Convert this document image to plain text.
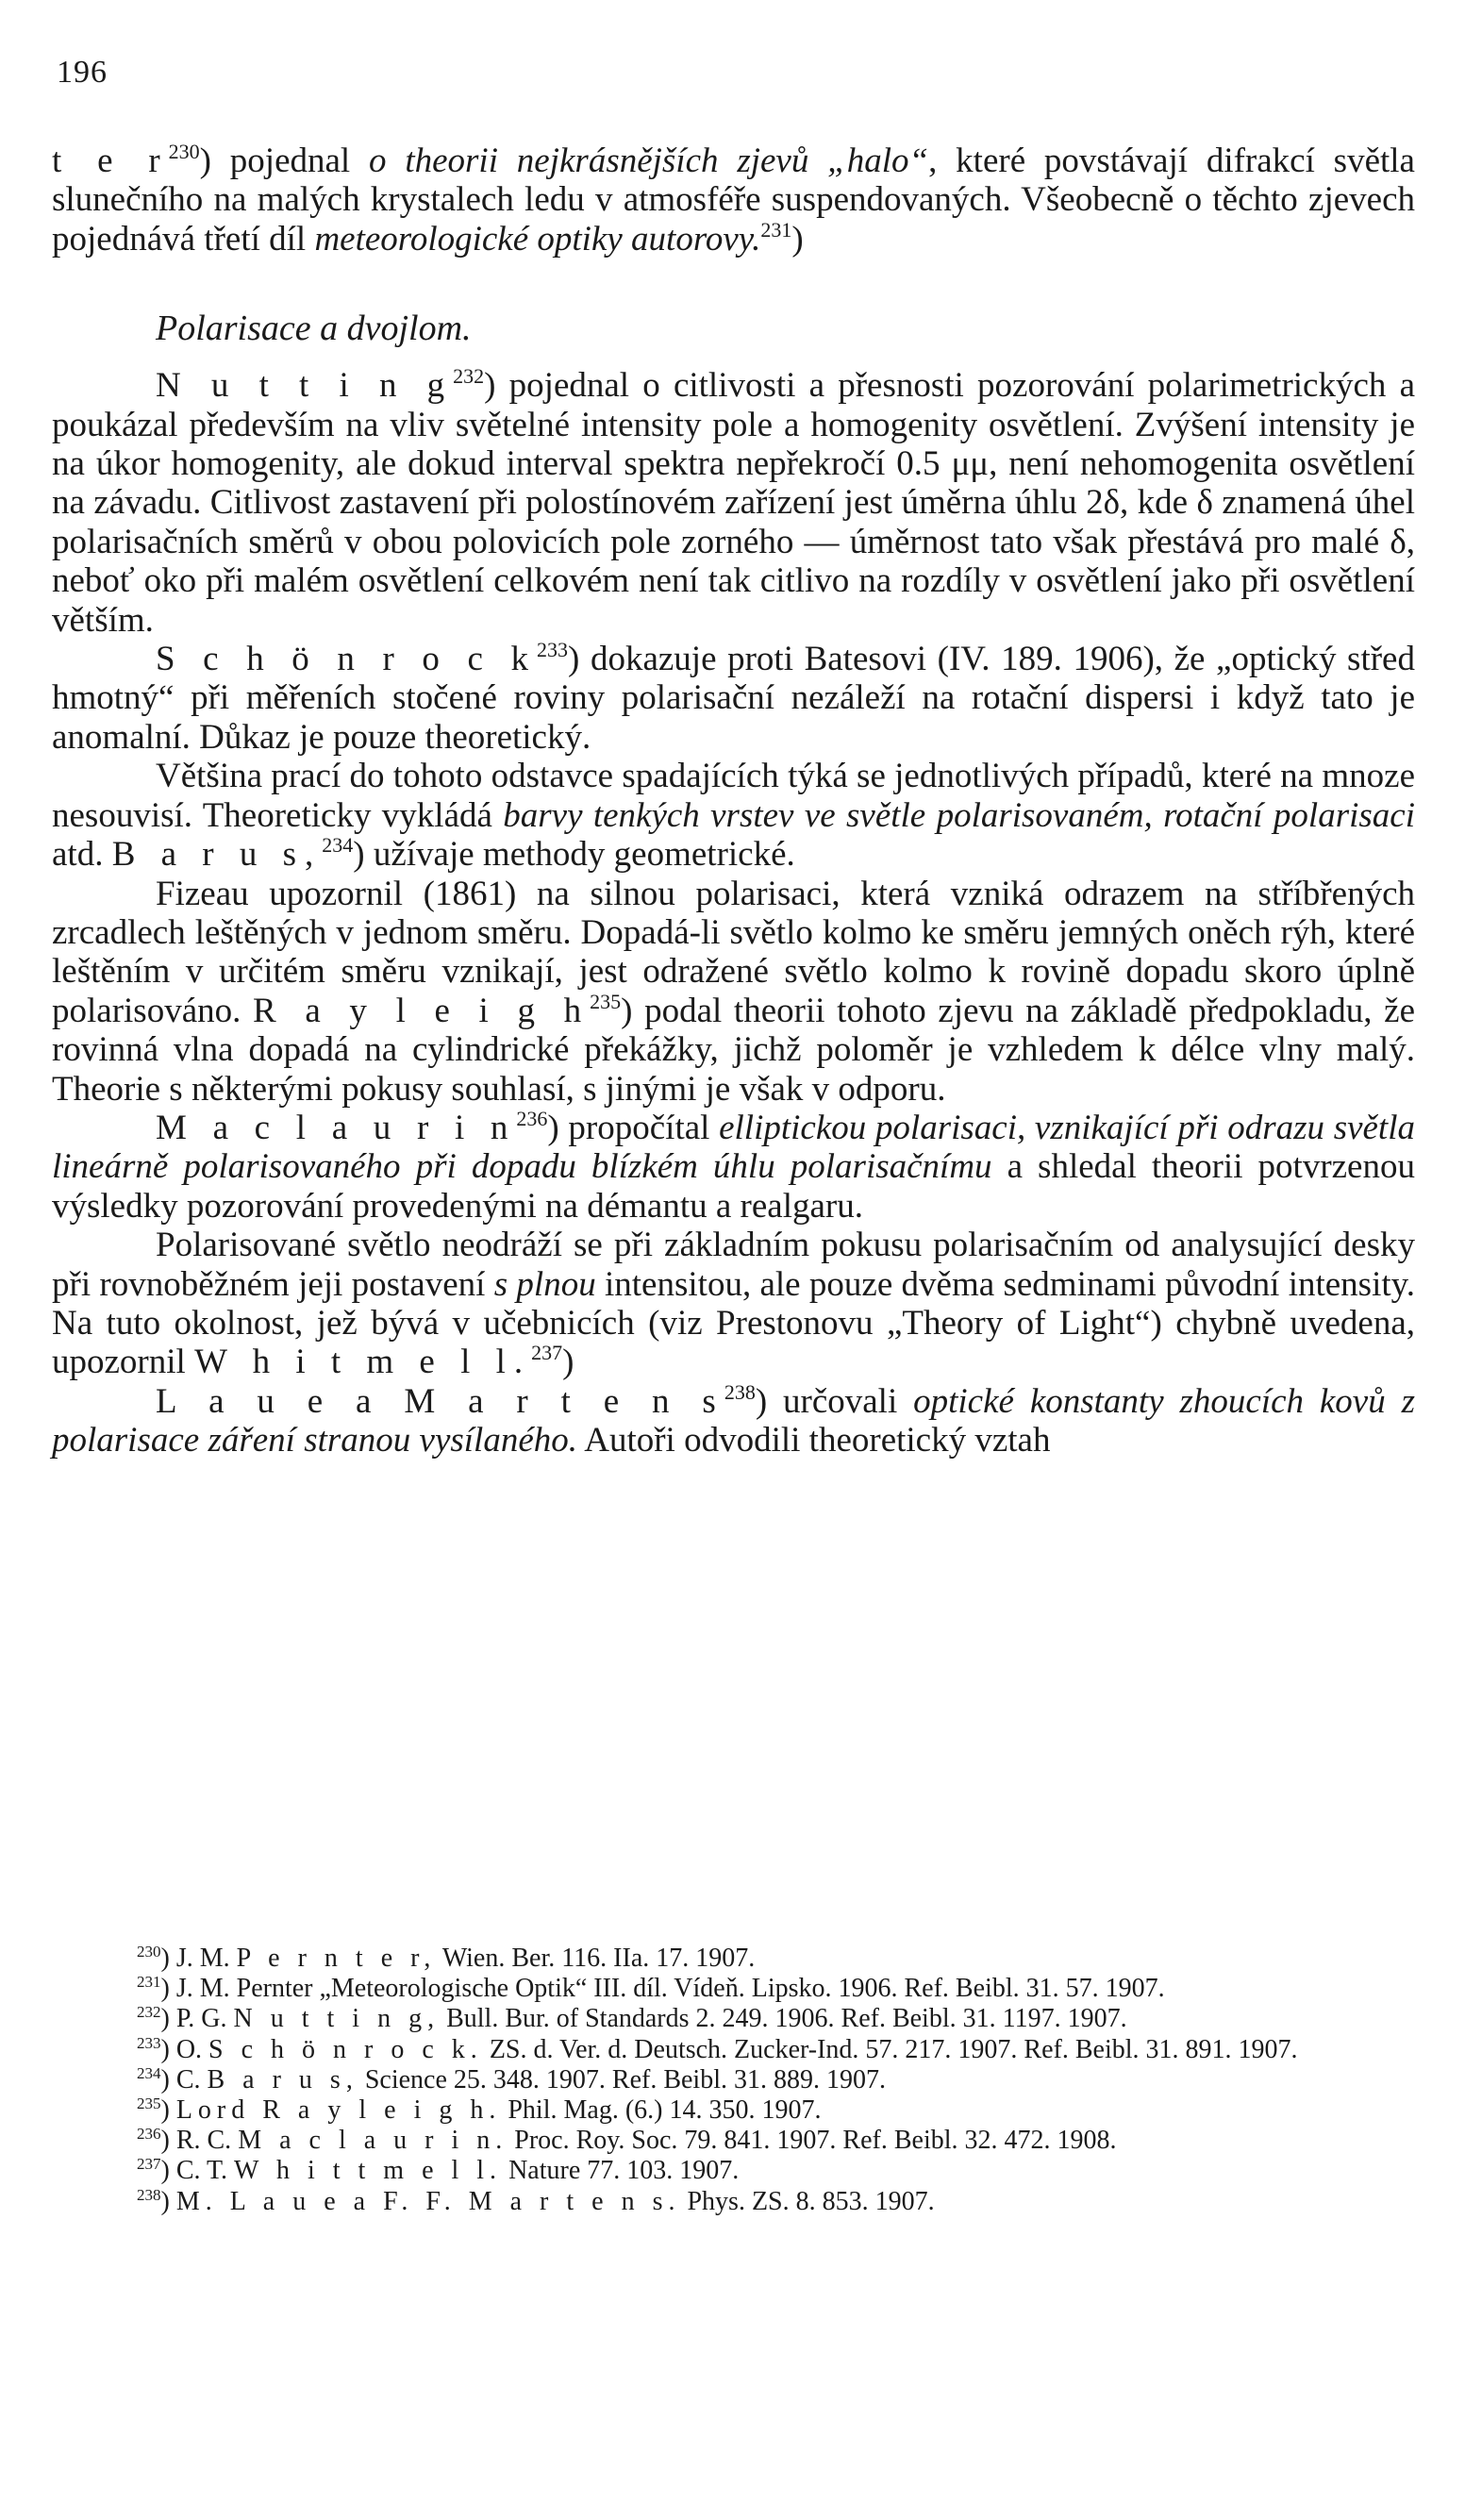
196

t e $r^{230}$) pojednal o theorii nejkrásnějších zjevů „halo“, které povstávají difrakcí světla slunečního na malých krystalech ledu v atmosféře suspendovaných. Všeobecně o těchto zjevech pojednává třetí díl meteorologické optiky autorovy.$^{231}$)

Polarisace a dvojlom.

N u t t i n $g^{232}$) pojednal o citlivosti a přesnosti pozorování polarimetrických a poukázal především na vliv světelné intensity pole a homogenity osvětlení. Zvýšení intensity je na úkor homogenity, ale dokud interval spektra nepřekročí 0.5 μμ, není nehomogenita osvětlení na závadu. Citlivost zastavení při polostínovém zařízení jest úměrna úhlu 2δ, kde δ znamená úhel polarisačních směrů v obou polovicích pole zorného — úměrnost tato však přestává pro malé δ, neboť oko při malém osvětlení celkovém není tak citlivo na rozdíly v osvětlení jako při osvětlení větším.

S c h ö n r o c $k^{233}$) dokazuje proti Batesovi (IV. 189. 1906), že „optický střed hmotný“ při měřeních stočené roviny polarisační nezáleží na rotační dispersi i když tato je anomalní. Důkaz je pouze theoretický.

Většina prací do tohoto odstavce spadajících týká se jednotlivých případů, které na mnoze nesouvisí. Theoreticky vykládá barvy tenkých vrstev ve světle polarisovaném, rotační polarisaci atd. B a r u s,$^{234}$) užívaje methody geometrické.

Fizeau upozornil (1861) na silnou polarisaci, která vzniká odrazem na stříbřených zrcadlech leštěných v jednom směru. Dopadá-li světlo kolmo ke směru jemných oněch rýh, které leštěním v určitém směru vznikají, jest odražené světlo kolmo k rovině dopadu skoro úplně polarisováno. R a y l e i g $h^{235}$) podal theorii tohoto zjevu na základě předpokladu, že rovinná vlna dopadá na cylindrické překážky, jichž poloměr je vzhledem k délce vlny malý. Theorie s některými pokusy souhlasí, s jinými je však v odporu.

M a c l a u r i $n^{236}$) propočítal elliptickou polarisaci, vznikající při odrazu světla lineárně polarisovaného při dopadu blízkém úhlu polarisačnímu a shledal theorii potvrzenou výsledky pozorování provedenými na démantu a realgaru.

Polarisované světlo neodráží se při základním pokusu polarisačním od analysující desky při rovnoběžném jeji postavení s plnou intensitou, ale pouze dvěma sedminami původní intensity. Na tuto okolnost, jež bývá v učebnicích (viz Prestonovu „Theory of Light“) chybně uvedena, upozornil W h i t m e l l.$^{237}$)

L a u e a M a r t e n $s^{238}$) určovali optické konstanty zhoucích kovů z polarisace záření stranou vysílaného. Autoři odvodili theoretický vztah

$^{230}$) J. M. P e r n t e r, Wien. Ber. 116. IIa. 17. 1907.

$^{231}$) J. M. Pernter „Meteorologische Optik“ III. díl. Vídeň. Lipsko. 1906. Ref. Beibl. 31. 57. 1907.

$^{232}$) P. G. N u t t i n g, Bull. Bur. of Standards 2. 249. 1906. Ref. Beibl. 31. 1197. 1907.

$^{233}$) O. S c h ö n r o c k. ZS. d. Ver. d. Deutsch. Zucker-Ind. 57. 217. 1907. Ref. Beibl. 31. 891. 1907.

$^{234}$) C. B a r u s, Science 25. 348. 1907. Ref. Beibl. 31. 889. 1907.

$^{235}$) Lord R a y l e i g h. Phil. Mag. (6.) 14. 350. 1907.

$^{236}$) R. C. M a c l a u r i n. Proc. Roy. Soc. 79. 841. 1907. Ref. Beibl. 32. 472. 1908.

$^{237}$) C. T. W h i t t m e l l. Nature 77. 103. 1907.

$^{238}$) M. L a u e a F. F. M a r t e n s. Phys. ZS. 8. 853. 1907.
